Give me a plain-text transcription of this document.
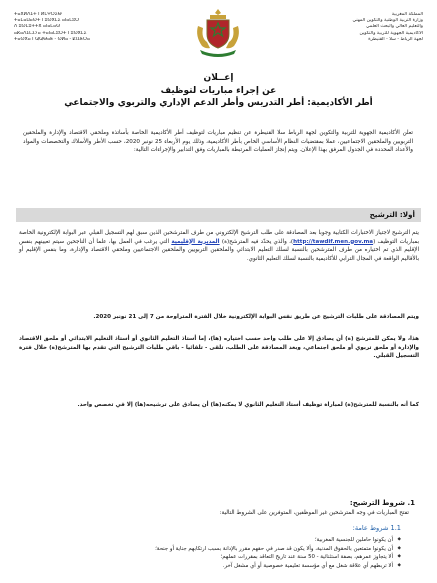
ⵜⴰⴳⵍⴷⵉⵜ ⵏ ⵍⵎⵖⵔⵉⴱ
ⵜⴰⵎⴰⵡⴰⵙⵜ ⵏ ⵓⵙⴳⵎⵉ ⴰⵏⴰⵎⵓⵔ
ⴷ ⵓⵙⵎⵓⵜⵜⴳ ⴰⵏⴰⵎⴰⵙ
ⴰⴽⴰⴷⵉⵎⵉⵢⴰ ⵜⴰⵏⴰⵎⵓⵔⵜ ⵏ ⵓⵙⴳⵎⵉ
ⵜⴰⵙⴳⴰ ⵏ ⵕⵕⴱⴰⵟ - ⵙⵍⴰ - ⵇⵏⵉⵟⵔⴰ
المملكة المغربية
وزارة التربية الوطنية والتكوين المهني
والتعليم العالي والبحث العلمي
الأكاديمية الجهوية للتربية والتكوين
لجهة الرباط - سلا - القنيطرة
إعــلان
عن إجراء مباريات لتوظيف
أطر الأكاديمية: أطر التدريس وأطر الدعم الإداري والتربوي والاجتماعي
تعلن الأكاديمية الجهوية للتربية والتكوين لجهة الرباط سلا القنيطرة عن تنظيم مباريات لتوظيف أطر الأكاديمية الخاصة بأساتذة وملحقي الاقتصاد والإدارة والملحقين التربويين والملحقين الاجتماعيين، عملا بمقتضيات النظام الأساسي الخاص بأطر الأكاديمية، وذلك يوم الأربعاء 25 نونبر 2020، حسب الأطر والأسلاك والتخصصات والمواد والأعداد المحددة في الجدول المرفق بهذا الإعلان. ويتم إنجاز العمليات المرتبطة بالمباريات وفق التدابير والإجراءات التالية:
أولا: الترشيح
يتم الترشيح لاجتياز الاختبارات الكتابية وجوبا بعد المصادقة على طلب الترشيح الإلكتروني من طرف المترشحين الذين سبق لهم التسجيل القبلي عبر البوابة الإلكترونية الخاصة بمباريات التوظيف (http://tawdif.men.gov.ma)، والذي يحدّد فيه المترشح(ة) المديرية الإقليمية التي يرغب في العمل بها، علما أن الناجحين سيتم تعيينهم بنفس الإقليم الذي تم اختياره من طرف المترشحين بالنسبة لسلك التعليم الابتدائي والملحقين التربويين والملحقين الاجتماعيين وملحقي الاقتصاد والإدارة، وما بنفس الإقليم أو بالأقاليم الواقعة في المجال الترابي للأكاديمية بالنسبة لسلك التعليم الثانوي.
ويتم المصادقة على طلبات الترشيح عن طريق نفس البوابة الإلكترونية خلال الفترة المتراوحة من 7 إلى 21 نونبر 2020.
هذا، ولا يمكن للمترشح (ة) أن يصادق إلا على طلب واحد حسب اختياره (ها)، إما أستاذ التعليم الثانوي أو أستاذ التعليم الابتدائي أو ملحق الاقتصاد والإدارة أو ملحق تربوي أو ملحق اجتماعي، وبعد المصادقة على الطلب، تلقى - تلقائيا - باقي طلبات الترشيح التي تقدم بها المترشح(ة) خلال فترة التسجيل القبلي.
كما أنه بالنسبة للمترشح(ة) لمباراة توظيف أستاذ التعليم الثانوي لا يمكنه(ها) أن يصادق على ترشيحه(ها) إلا في تخصص واحد.
1. شروط الترشيح:
تفتح المباريات في وجه المترشحين غير الموظفين، المتوفرين على الشروط التالية:
1.1 شروط عامة:
◆ أن يكونوا حاملين للجنسية المغربية؛
◆ أن يكونوا متمتعين بالحقوق المدنية، وألا يكون قد صدر في حقهم مقرر بالإدانة بسبب ارتكابهم جناية أو جنحة؛
◆ ألا يتجاوز عمرهم، بصفة استثنائية - 50 سنة عند تاريخ التعاقد بمقررات عملهم؛
◆ ألا تربطهم أي علاقة شغل مع أي مؤسسة تعليمية خصوصية أو أي مشغل آخر.
